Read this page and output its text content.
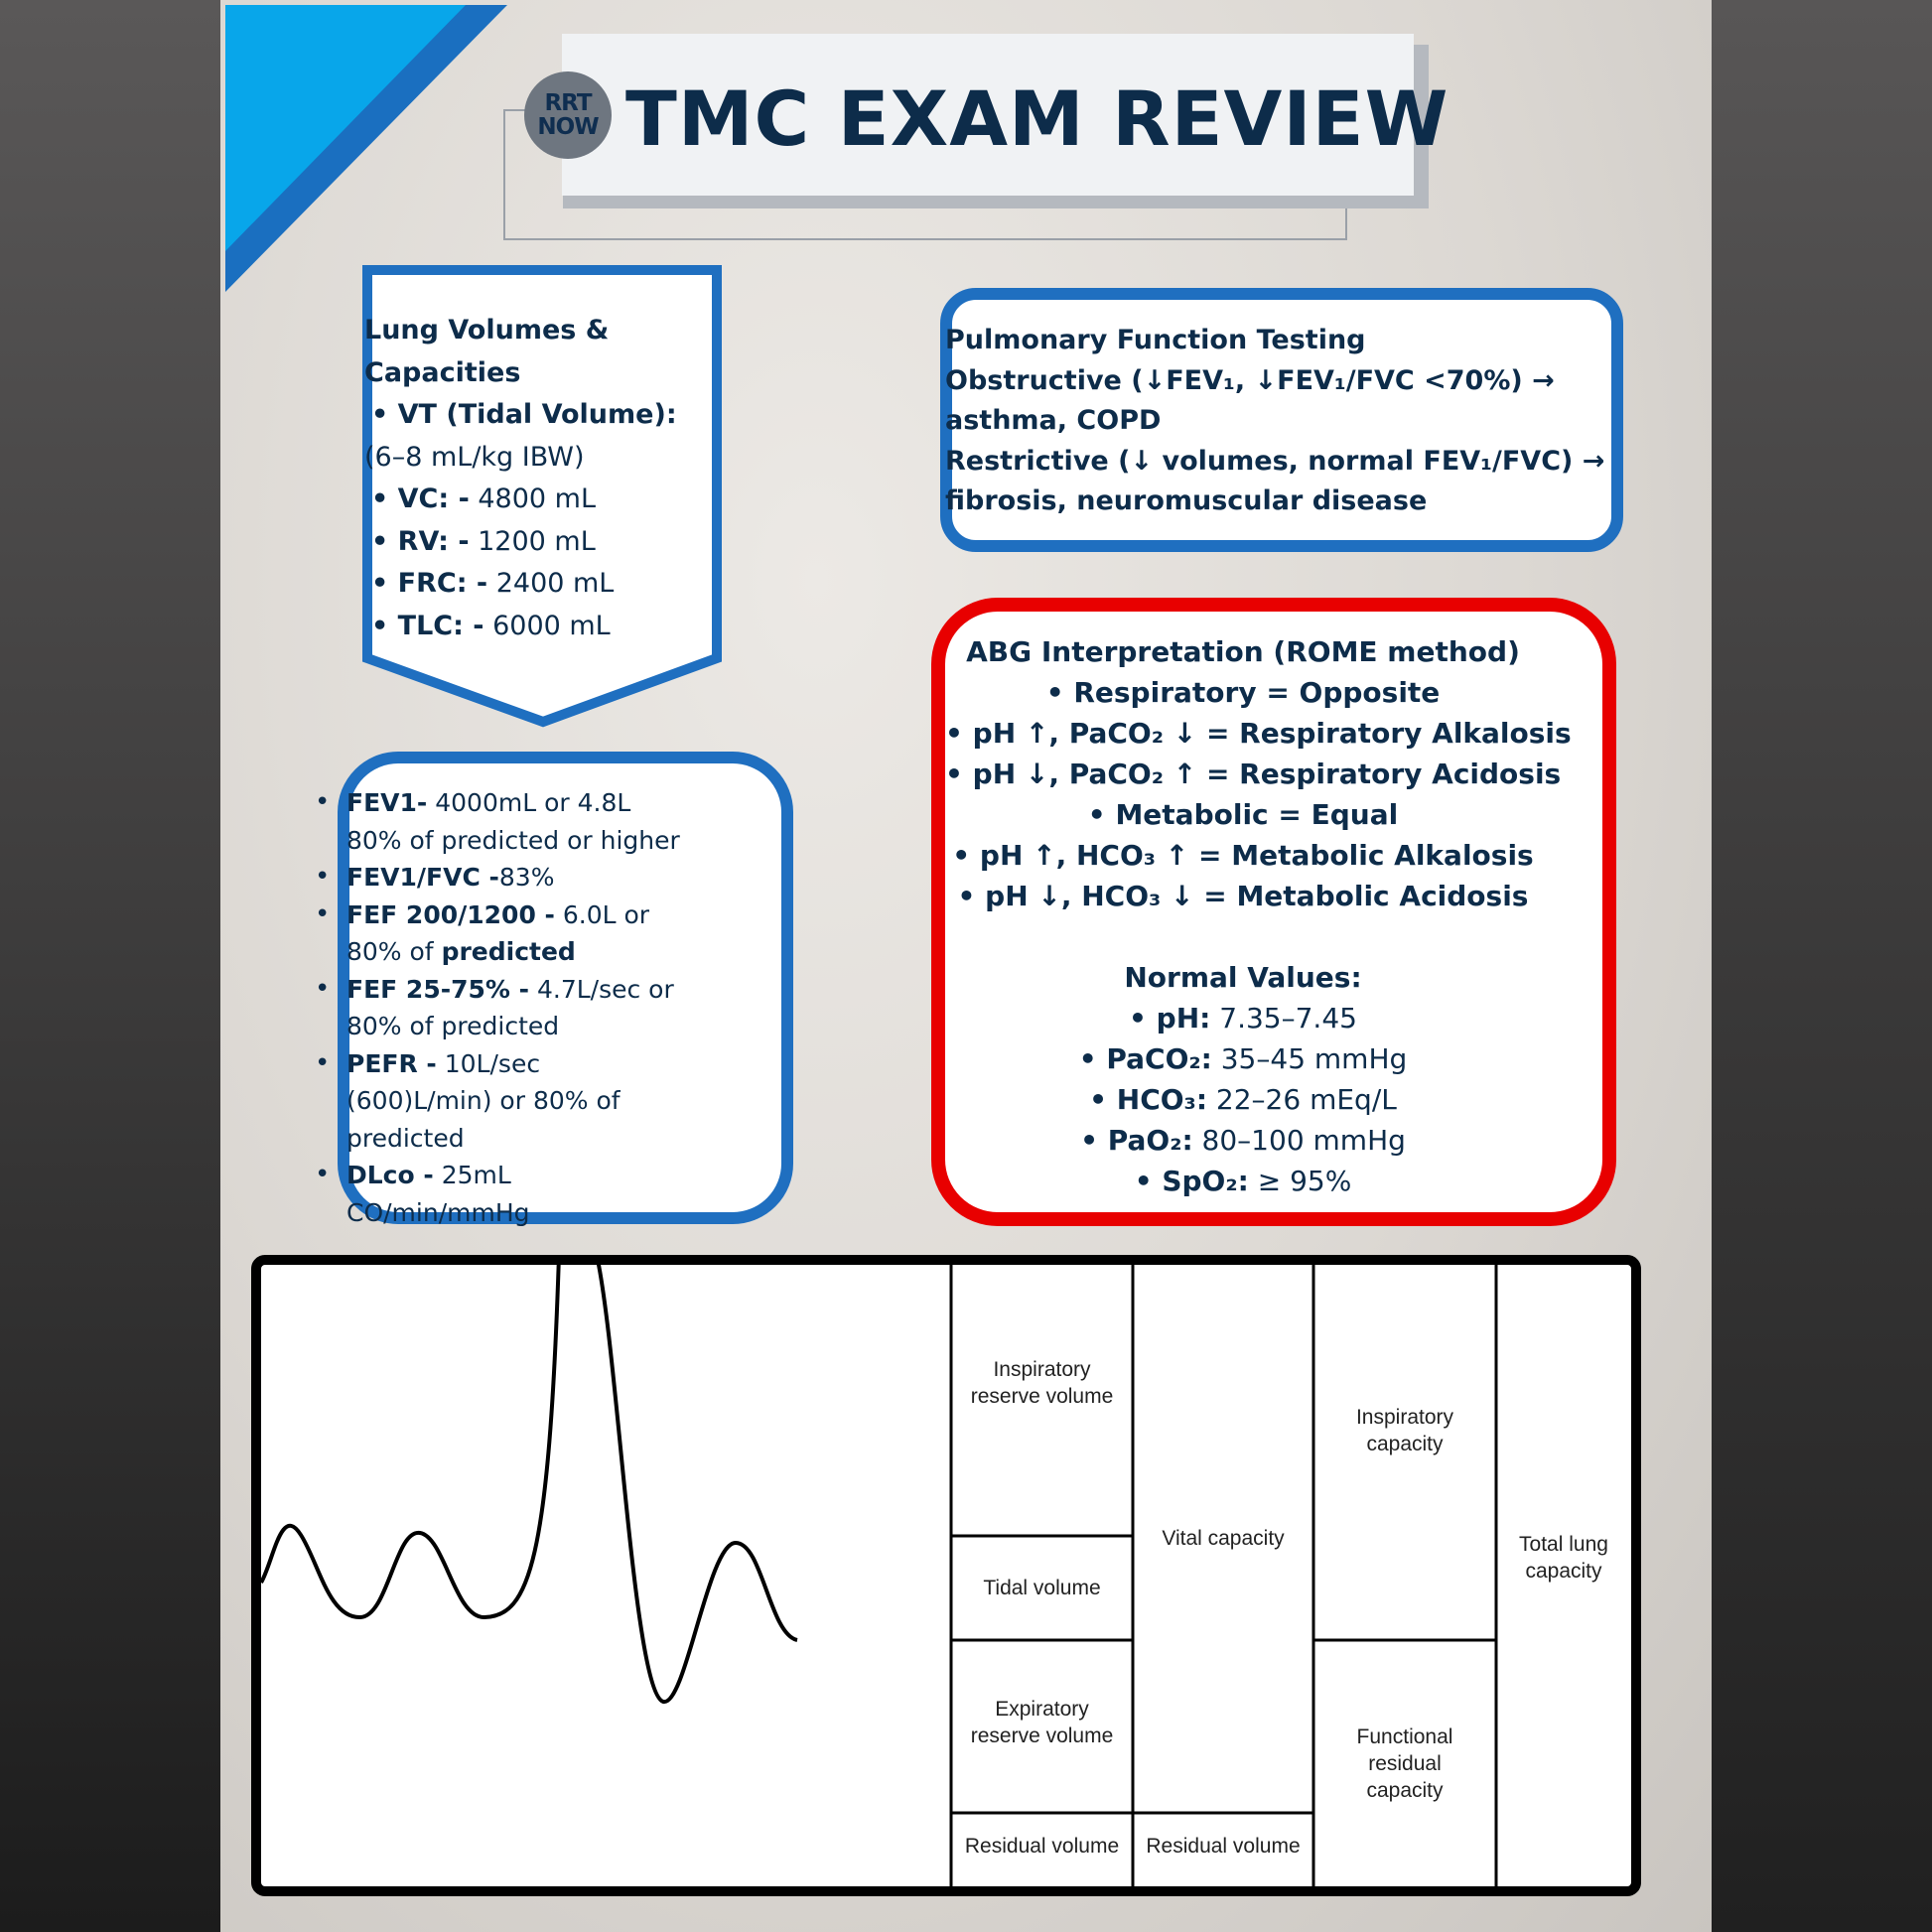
RRT
NOW TMC EXAM REVIEW
Lung Volumes &
Capacities
• VT (Tidal Volume):
(6–8 mL/kg IBW)
• VC: - 4800 mL
• RV: - 1200 mL
• FRC: - 2400 mL
• TLC: - 6000 mL
Pulmonary Function Testing
Obstructive (↓FEV₁, ↓FEV₁/FVC <70%) →
asthma, COPD
Restrictive (↓ volumes, normal FEV₁/FVC) →
fibrosis, neuromuscular disease
• FEV1- 4000mL or 4.8L 80% of predicted or higher
• FEV1/FVC -83%
• FEF 200/1200 - 6.0L or 80% of predicted
• FEF 25-75% - 4.7L/sec or 80% of predicted
• PEFR - 10L/sec (600)L/min) or 80% of predicted
• DLco - 25mL CO/min/mmHg
ABG Interpretation (ROME method)
• Respiratory = Opposite
• pH ↑, PaCO₂ ↓ = Respiratory Alkalosis
• pH ↓, PaCO₂ ↑ = Respiratory Acidosis
• Metabolic = Equal
• pH ↑, HCO₃ ↑ = Metabolic Alkalosis
• pH ↓, HCO₃ ↓ = Metabolic Acidosis
Normal Values:
• pH: 7.35–7.45
• PaCO₂: 35–45 mmHg
• HCO₃: 22–26 mEq/L
• PaO₂: 80–100 mmHg
• SpO₂: ≥ 95%
Inspiratory
reserve volume
Tidal volume
Expiratory
reserve volume
Residual volume
Vital capacity
Residual volume
Inspiratory
capacity
Functional
residual
capacity
Total lung
capacity
